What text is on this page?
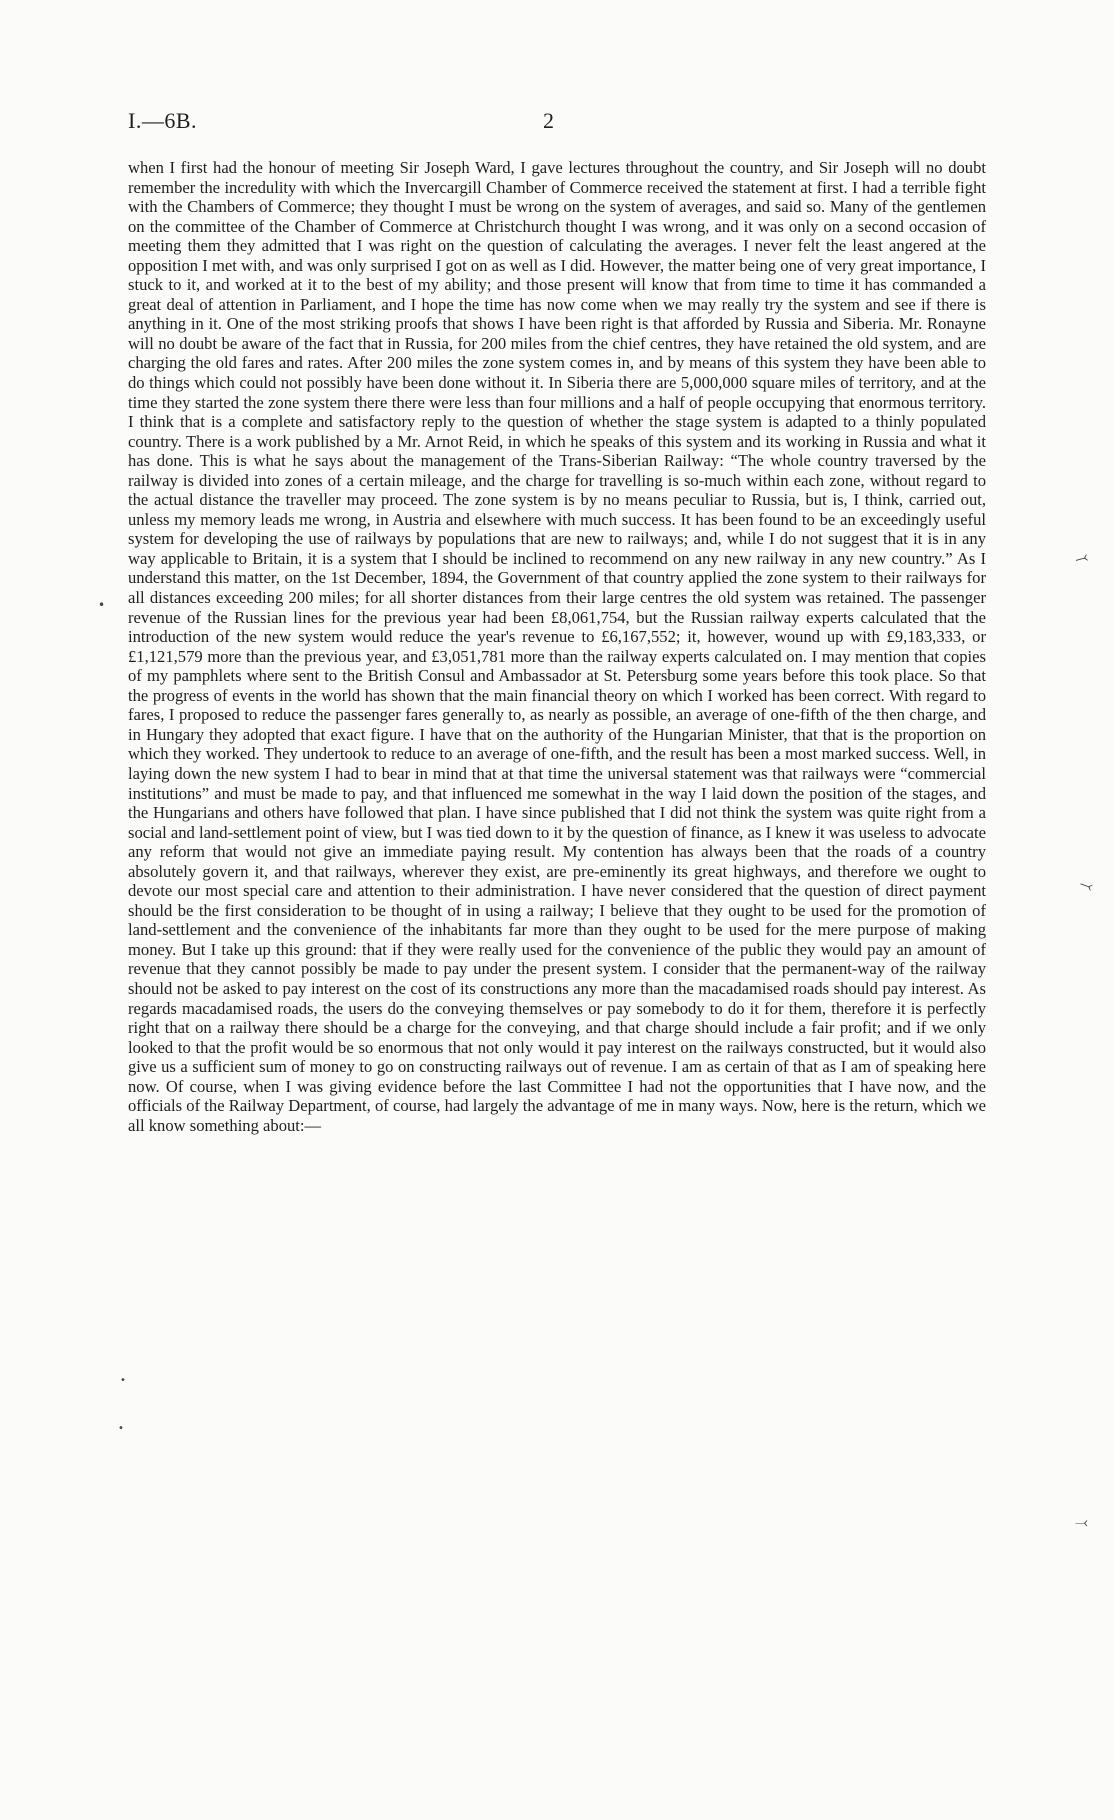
I.—6B.	2

when I first had the honour of meeting Sir Joseph Ward, I gave lectures throughout the country, and Sir Joseph will no doubt remember the incredulity with which the Invercargill Chamber of Commerce received the statement at first. I had a terrible fight with the Chambers of Commerce; they thought I must be wrong on the system of averages, and said so. Many of the gentlemen on the committee of the Chamber of Commerce at Christchurch thought I was wrong, and it was only on a second occasion of meeting them they admitted that I was right on the question of calculating the averages. I never felt the least angered at the opposition I met with, and was only surprised I got on as well as I did. However, the matter being one of very great importance, I stuck to it, and worked at it to the best of my ability; and those present will know that from time to time it has commanded a great deal of attention in Parliament, and I hope the time has now come when we may really try the system and see if there is anything in it. One of the most striking proofs that shows I have been right is that afforded by Russia and Siberia. Mr. Ronayne will no doubt be aware of the fact that in Russia, for 200 miles from the chief centres, they have retained the old system, and are charging the old fares and rates. After 200 miles the zone system comes in, and by means of this system they have been able to do things which could not possibly have been done without it. In Siberia there are 5,000,000 square miles of territory, and at the time they started the zone system there there were less than four millions and a half of people occupying that enormous territory. I think that is a complete and satisfactory reply to the question of whether the stage system is adapted to a thinly populated country. There is a work published by a Mr. Arnot Reid, in which he speaks of this system and its working in Russia and what it has done. This is what he says about the management of the Trans-Siberian Railway: “The whole country traversed by the railway is divided into zones of a certain mileage, and the charge for travelling is so-much within each zone, without regard to the actual distance the traveller may proceed. The zone system is by no means peculiar to Russia, but is, I think, carried out, unless my memory leads me wrong, in Austria and elsewhere with much success. It has been found to be an exceedingly useful system for developing the use of railways by populations that are new to railways; and, while I do not suggest that it is in any way applicable to Britain, it is a system that I should be inclined to recommend on any new railway in any new country.” As I understand this matter, on the 1st December, 1894, the Government of that country applied the zone system to their railways for all distances exceeding 200 miles; for all shorter distances from their large centres the old system was retained. The passenger revenue of the Russian lines for the previous year had been £8,061,754, but the Russian railway experts calculated that the introduction of the new system would reduce the year's revenue to £6,167,552; it, however, wound up with £9,183,333, or £1,121,579 more than the previous year, and £3,051,781 more than the railway experts calculated on. I may mention that copies of my pamphlets where sent to the British Consul and Ambassador at St. Petersburg some years before this took place. So that the progress of events in the world has shown that the main financial theory on which I worked has been correct. With regard to fares, I proposed to reduce the passenger fares generally to, as nearly as possible, an average of one-fifth of the then charge, and in Hungary they adopted that exact figure. I have that on the authority of the Hungarian Minister, that that is the proportion on which they worked. They undertook to reduce to an average of one-fifth, and the result has been a most marked success. Well, in laying down the new system I had to bear in mind that at that time the universal statement was that railways were “commercial institutions” and must be made to pay, and that influenced me somewhat in the way I laid down the position of the stages, and the Hungarians and others have followed that plan. I have since published that I did not think the system was quite right from a social and land-settlement point of view, but I was tied down to it by the question of finance, as I knew it was useless to advocate any reform that would not give an immediate paying result. My contention has always been that the roads of a country absolutely govern it, and that railways, wherever they exist, are pre-eminently its great highways, and therefore we ought to devote our most special care and attention to their administration. I have never considered that the question of direct payment should be the first consideration to be thought of in using a railway; I believe that they ought to be used for the promotion of land-settlement and the convenience of the inhabitants far more than they ought to be used for the mere purpose of making money. But I take up this ground: that if they were really used for the convenience of the public they would pay an amount of revenue that they cannot possibly be made to pay under the present system. I consider that the permanent-way of the railway should not be asked to pay interest on the cost of its constructions any more than the macadamised roads should pay interest. As regards macadamised roads, the users do the conveying themselves or pay somebody to do it for them, therefore it is perfectly right that on a railway there should be a charge for the conveying, and that charge should include a fair profit; and if we only looked to that the profit would be so enormous that not only would it pay interest on the railways constructed, but it would also give us a sufficient sum of money to go on constructing railways out of revenue. I am as certain of that as I am of speaking here now. Of course, when I was giving evidence before the last Committee I had not the opportunities that I have now, and the officials of the Railway Department, of course, had largely the advantage of me in many ways. Now, here is the return, which we all know something about:—

⤙
⤙
⤙
•
•
•
